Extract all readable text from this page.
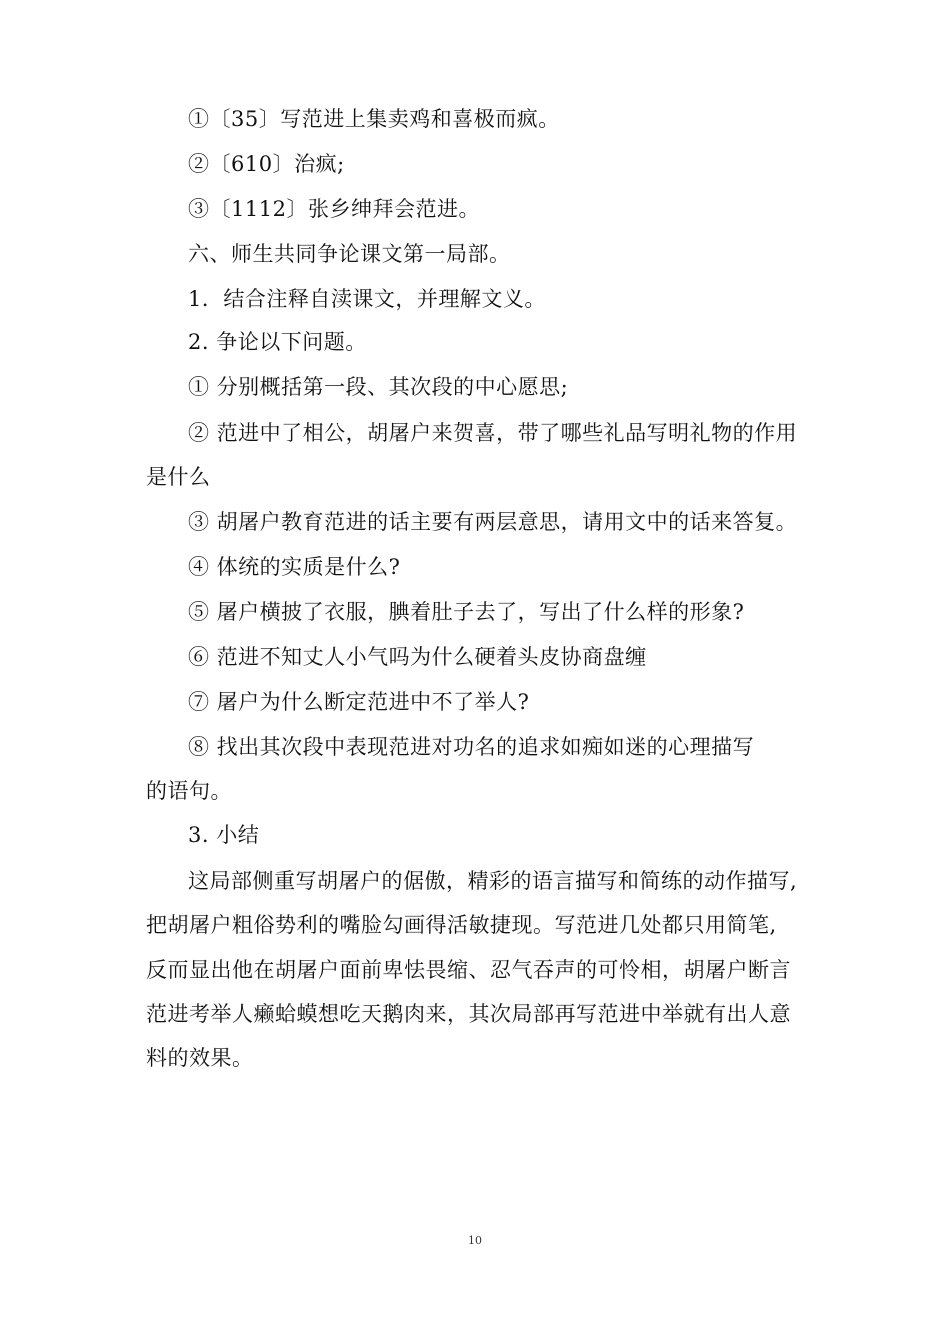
①〔35〕写范进上集卖鸡和喜极而疯。
②〔610〕治疯;
③〔1112〕张乡绅拜会范进。
六、师生共同争论课文第一局部。
1．结合注释自渎课文，并理解文义。
2. 争论以下问题。
① 分别概括第一段、其次段的中心愿思;
② 范进中了相公，胡屠户来贺喜，带了哪些礼品写明礼物的作用
是什么
③ 胡屠户教育范进的话主要有两层意思，请用文中的话来答复。
④ 体统的实质是什么?
⑤ 屠户横披了衣服，腆着肚子去了，写出了什么样的形象?
⑥ 范进不知丈人小气吗为什么硬着头皮协商盘缠
⑦ 屠户为什么断定范进中不了举人?
⑧ 找出其次段中表现范进对功名的追求如痴如迷的心理描写
的语句。
3. 小结
这局部侧重写胡屠户的倨傲，精彩的语言描写和简练的动作描写,
把胡屠户粗俗势利的嘴脸勾画得活敏捷现。写范进几处都只用简笔,
反而显出他在胡屠户面前卑怯畏缩、忍气吞声的可怜相，胡屠户断言
范进考举人癞蛤蟆想吃天鹅肉来，其次局部再写范进中举就有出人意
料的效果。
10
